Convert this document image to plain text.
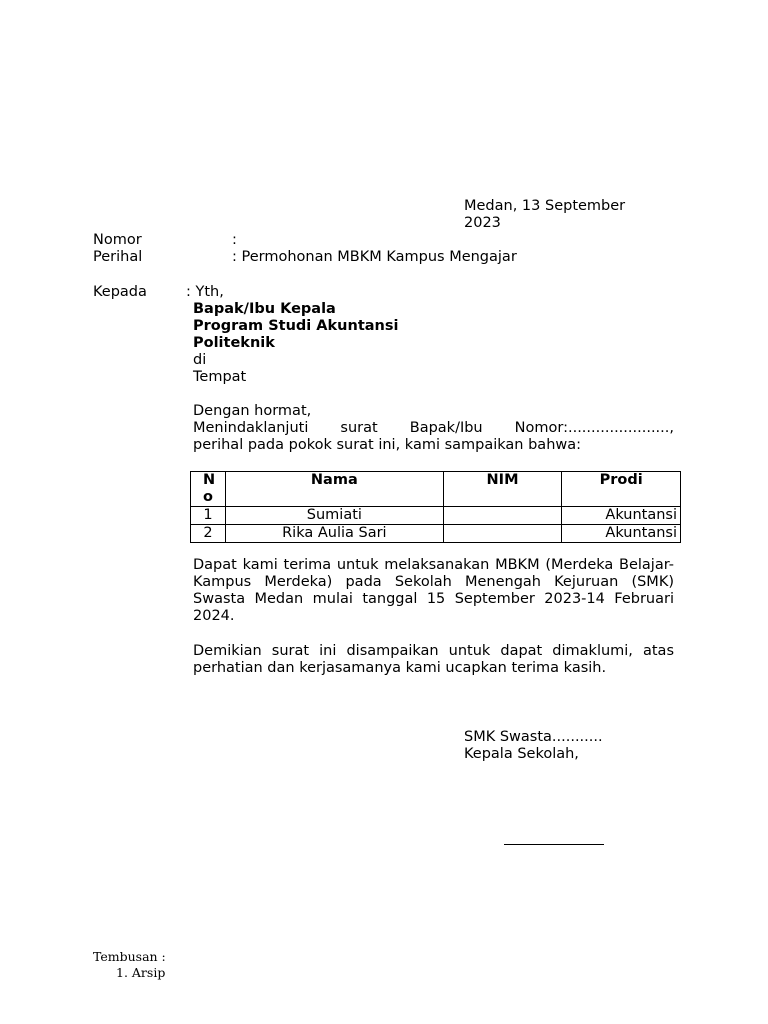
Medan, 13 September 2023
Nomor	:
Perihal	: Permohonan MBKM Kampus Mengajar
Kepada	: Yth,
Bapak/Ibu Kepala
Program Studi Akuntansi
Politeknik
di
Tempat
Dengan hormat,
Menindaklanjuti surat Bapak/Ibu Nomor:......................,
perihal pada pokok surat ini, kami sampaikan bahwa:
No	Nama	NIM	Prodi
1	Sumiati		Akuntansi
2	Rika Aulia Sari		Akuntansi
Dapat kami terima untuk melaksanakan MBKM (Merdeka Belajar-Kampus Merdeka) pada Sekolah Menengah Kejuruan (SMK) Swasta Medan mulai tanggal 15 September 2023-14 Februari 2024.
Demikian surat ini disampaikan untuk dapat dimaklumi, atas perhatian dan kerjasamanya kami ucapkan terima kasih.
SMK Swasta...........
Kepala Sekolah,
Tembusan :
1. Arsip
